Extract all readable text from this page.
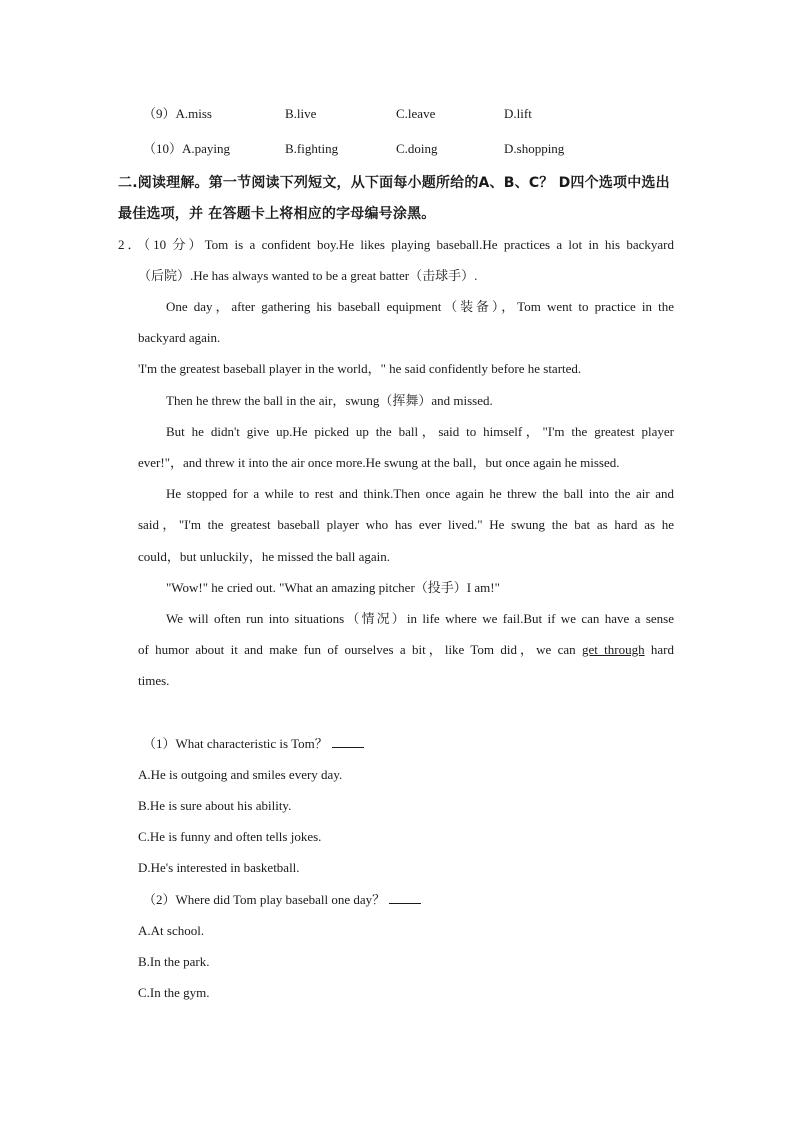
（9）A.miss	B.live	C.leave	D.lift
（10）A.paying	B.fighting	C.doing	D.shopping
二.阅读理解。第一节阅读下列短文，从下面每小题所给的A、B、C？ D四个选项中选出
最佳选项，并 在答题卡上将相应的字母编号涂黑。
2．（10 分）Tom is a confident boy.He likes playing baseball.He practices a lot in his backyard
（后院）.He has always wanted to be a great batter（击球手）.
One day，after gathering his baseball equipment（装备），Tom went to practice in the
backyard again.
'I'm the greatest baseball player in the world，" he said confidently before he started.
Then he threw the ball in the air，swung（挥舞）and missed.
But he didn't give up.He picked up the ball，said to himself，"I'm the greatest player
ever!"，and threw it into the air once more.He swung at the ball，but once again he missed.
He stopped for a while to rest and think.Then once again he threw the ball into the air and
said，"I'm the greatest baseball player who has ever lived." He swung the bat as hard as he
could，but unluckily，he missed the ball again.
"Wow!" he cried out. "What an amazing pitcher（投手）I am!"
We will often run into situations（情况）in life where we fail.But if we can have a sense
of humor about it and make fun of ourselves a bit，like Tom did，we can get through hard
times.
（1）What characteristic is Tom？
A.He is outgoing and smiles every day.
B.He is sure about his ability.
C.He is funny and often tells jokes.
D.He's interested in basketball.
（2）Where did Tom play baseball one day？
A.At school.
B.In the park.
C.In the gym.
